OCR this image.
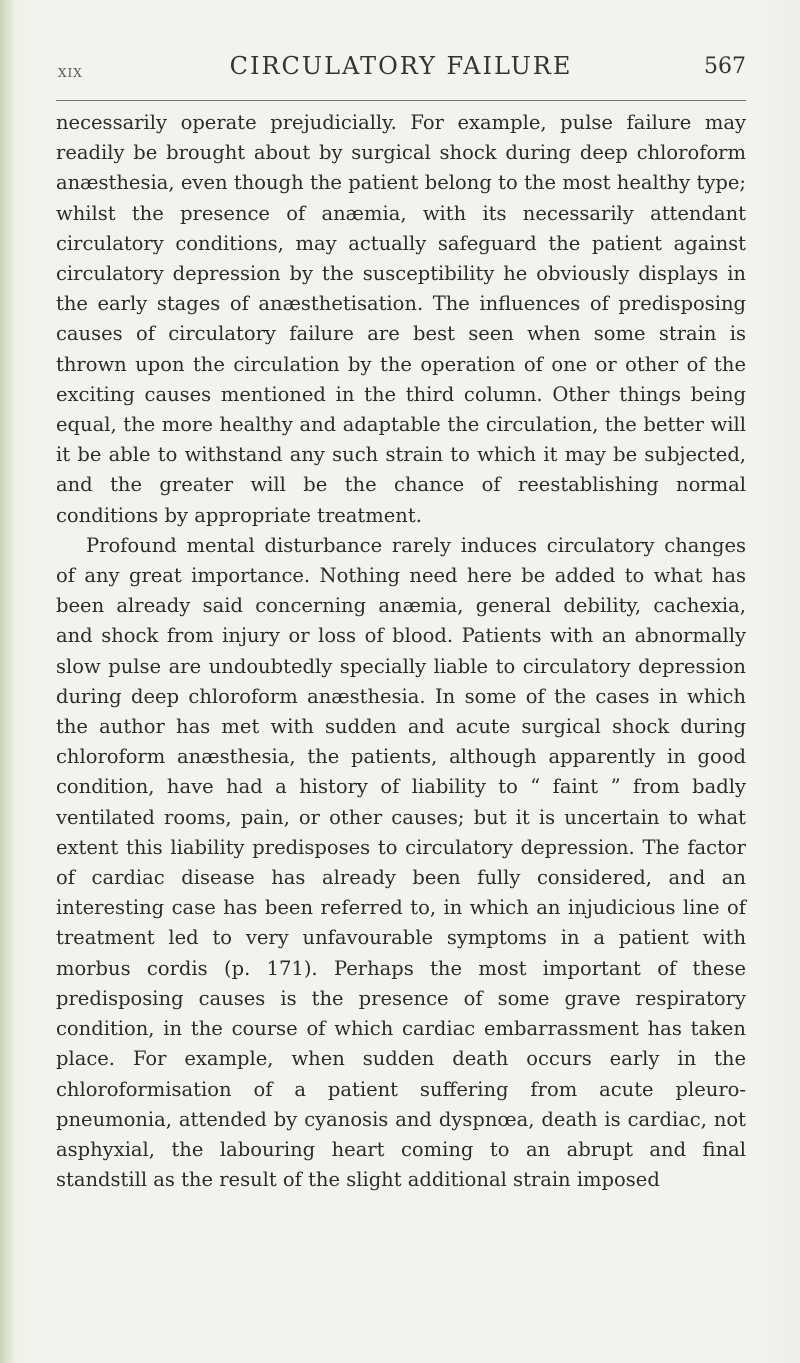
XIX	CIRCULATORY FAILURE	567

necessarily operate prejudicially. For example, pulse failure may readily be brought about by surgical shock during deep chloroform anæsthesia, even though the patient belong to the most healthy type; whilst the presence of anæmia, with its necessarily attendant circulatory conditions, may actually safeguard the patient against circulatory depression by the susceptibility he obviously displays in the early stages of anæsthetisation. The influences of predisposing causes of circulatory failure are best seen when some strain is thrown upon the circulation by the operation of one or other of the exciting causes mentioned in the third column. Other things being equal, the more healthy and adaptable the circulation, the better will it be able to withstand any such strain to which it may be subjected, and the greater will be the chance of reestablishing normal conditions by appropriate treatment.

Profound mental disturbance rarely induces circulatory changes of any great importance. Nothing need here be added to what has been already said concerning anæmia, general debility, cachexia, and shock from injury or loss of blood. Patients with an abnormally slow pulse are undoubtedly specially liable to circulatory depression during deep chloroform anæsthesia. In some of the cases in which the author has met with sudden and acute surgical shock during chloroform anæsthesia, the patients, although apparently in good condition, have had a history of liability to “ faint ” from badly ventilated rooms, pain, or other causes; but it is uncertain to what extent this liability predisposes to circulatory depression. The factor of cardiac disease has already been fully considered, and an interesting case has been referred to, in which an injudicious line of treatment led to very unfavourable symptoms in a patient with morbus cordis (p. 171). Perhaps the most important of these predisposing causes is the presence of some grave respiratory condition, in the course of which cardiac embarrassment has taken place. For example, when sudden death occurs early in the chloroformisation of a patient suffering from acute pleuro-pneumonia, attended by cyanosis and dyspnœa, death is cardiac, not asphyxial, the labouring heart coming to an abrupt and final standstill as the result of the slight additional strain imposed
